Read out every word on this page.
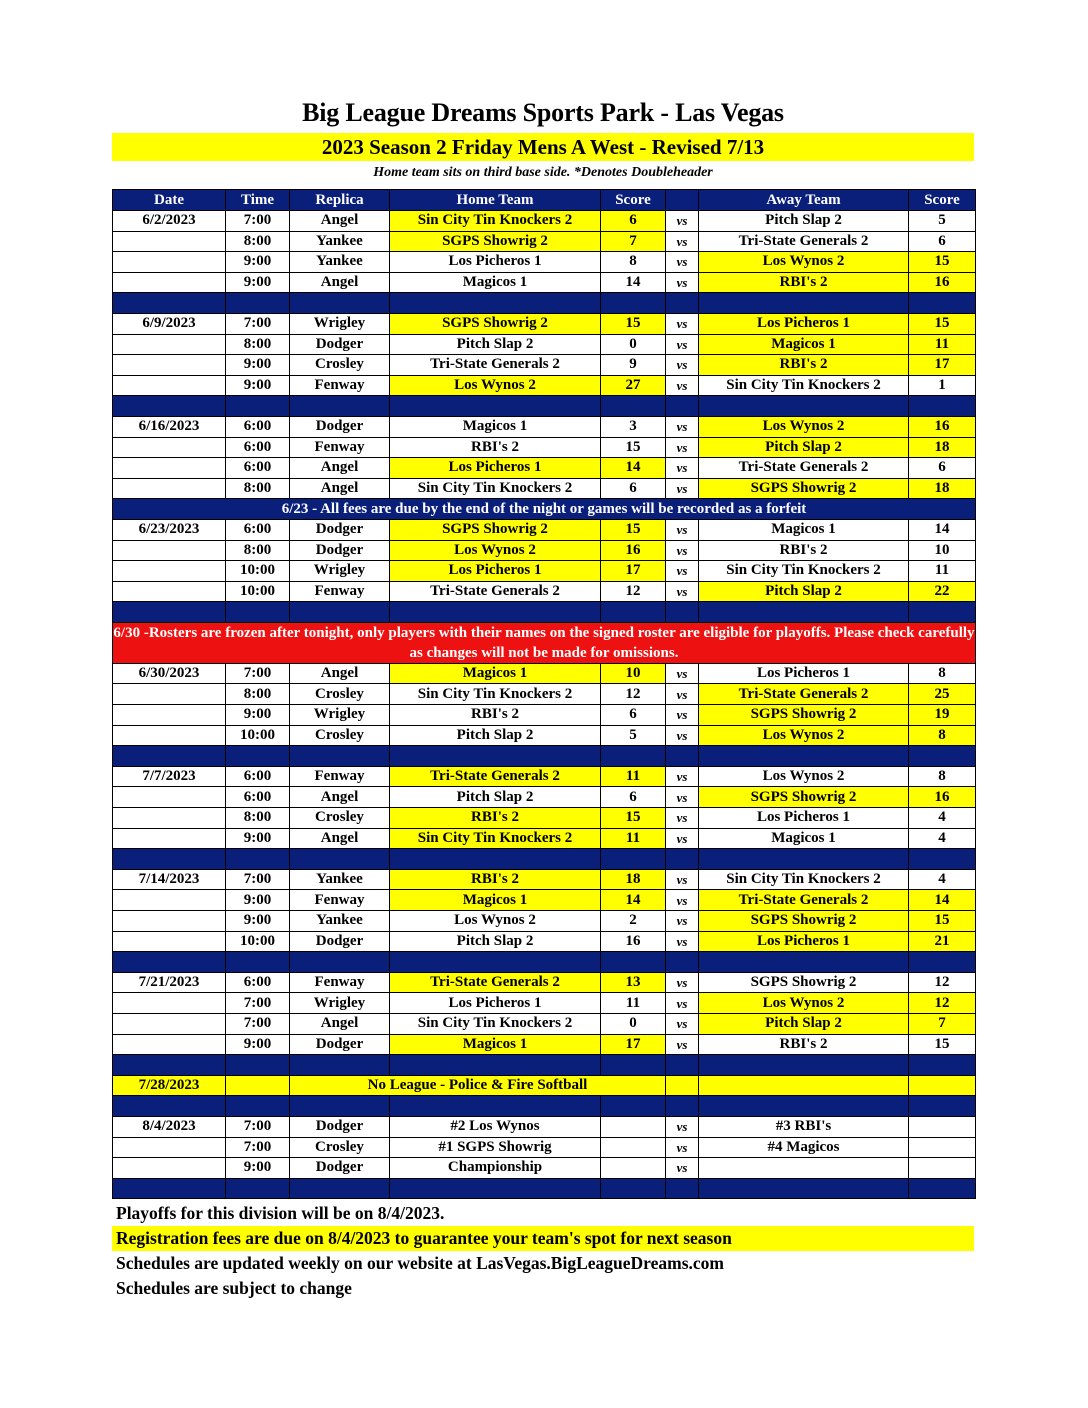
Big League Dreams Sports Park - Las Vegas
2023 Season 2 Friday Mens A West - Revised 7/13
Home team sits on third base side. *Denotes Doubleheader
Date	Time	Replica	Home Team	Score		Away Team	Score
6/2/2023	7:00	Angel	Sin City Tin Knockers 2	6	vs	Pitch Slap 2	5
	8:00	Yankee	SGPS Showrig 2	7	vs	Tri-State Generals 2	6
	9:00	Yankee	Los Picheros 1	8	vs	Los Wynos 2	15
	9:00	Angel	Magicos 1	14	vs	RBI's 2	16

6/9/2023	7:00	Wrigley	SGPS Showrig 2	15	vs	Los Picheros 1	15
	8:00	Dodger	Pitch Slap 2	0	vs	Magicos 1	11
	9:00	Crosley	Tri-State Generals 2	9	vs	RBI's 2	17
	9:00	Fenway	Los Wynos 2	27	vs	Sin City Tin Knockers 2	1

6/16/2023	6:00	Dodger	Magicos 1	3	vs	Los Wynos 2	16
	6:00	Fenway	RBI's 2	15	vs	Pitch Slap 2	18
	6:00	Angel	Los Picheros 1	14	vs	Tri-State Generals 2	6
	8:00	Angel	Sin City Tin Knockers 2	6	vs	SGPS Showrig 2	18
6/23 - All fees are due by the end of the night or games will be recorded as a forfeit							
6/23/2023	6:00	Dodger	SGPS Showrig 2	15	vs	Magicos 1	14
	8:00	Dodger	Los Wynos 2	16	vs	RBI's 2	10
	10:00	Wrigley	Los Picheros 1	17	vs	Sin City Tin Knockers 2	11
	10:00	Fenway	Tri-State Generals 2	12	vs	Pitch Slap 2	22

6/30 -Rosters are frozen after tonight, only players with their names on the signed roster are eligible for playoffs. Please check carefully as changes will not be made for omissions.							
6/30/2023	7:00	Angel	Magicos 1	10	vs	Los Picheros 1	8
	8:00	Crosley	Sin City Tin Knockers 2	12	vs	Tri-State Generals 2	25
	9:00	Wrigley	RBI's 2	6	vs	SGPS Showrig 2	19
	10:00	Crosley	Pitch Slap 2	5	vs	Los Wynos 2	8

7/7/2023	6:00	Fenway	Tri-State Generals 2	11	vs	Los Wynos 2	8
	6:00	Angel	Pitch Slap 2	6	vs	SGPS Showrig 2	16
	8:00	Crosley	RBI's 2	15	vs	Los Picheros 1	4
	9:00	Angel	Sin City Tin Knockers 2	11	vs	Magicos 1	4

7/14/2023	7:00	Yankee	RBI's 2	18	vs	Sin City Tin Knockers 2	4
	9:00	Fenway	Magicos 1	14	vs	Tri-State Generals 2	14
	9:00	Yankee	Los Wynos 2	2	vs	SGPS Showrig 2	15
	10:00	Dodger	Pitch Slap 2	16	vs	Los Picheros 1	21

7/21/2023	6:00	Fenway	Tri-State Generals 2	13	vs	SGPS Showrig 2	12
	7:00	Wrigley	Los Picheros 1	11	vs	Los Wynos 2	12
	7:00	Angel	Sin City Tin Knockers 2	0	vs	Pitch Slap 2	7
	9:00	Dodger	Magicos 1	17	vs	RBI's 2	15

7/28/2023		No League - Police & Fire Softball					

8/4/2023	7:00	Dodger	#2 Los Wynos		vs	#3 RBI's	
	7:00	Crosley	#1 SGPS Showrig		vs	#4 Magicos	
	9:00	Dodger	Championship		vs		

Playoffs for this division will be on 8/4/2023.
Registration fees are due on 8/4/2023 to guarantee your team's spot for next season
Schedules are updated weekly on our website at LasVegas.BigLeagueDreams.com
Schedules are subject to change
